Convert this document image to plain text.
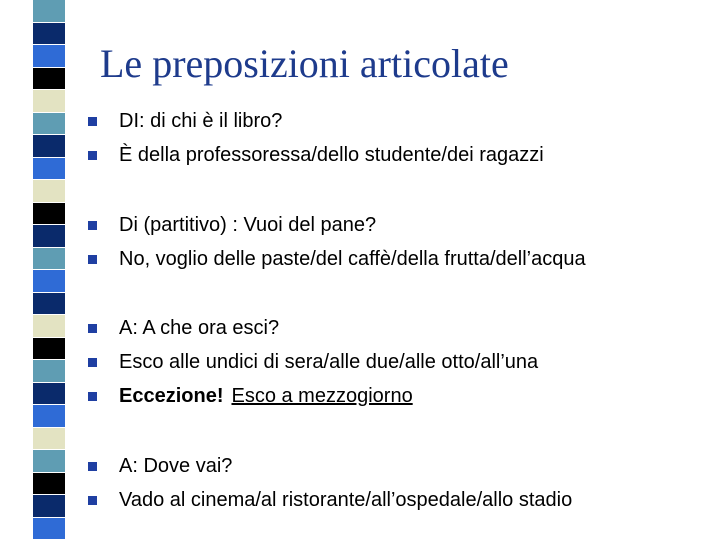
Le preposizioni articolate
DI: di chi è il libro?
È della professoressa/dello studente/dei ragazzi
Di (partitivo) : Vuoi del pane?
No, voglio delle paste/del caffè/della frutta/dell’acqua
A: A che ora esci?
Esco alle undici di sera/alle due/alle otto/all’una
Eccezione! Esco a mezzogiorno
A: Dove vai?
Vado al cinema/al ristorante/all’ospedale/allo stadio
